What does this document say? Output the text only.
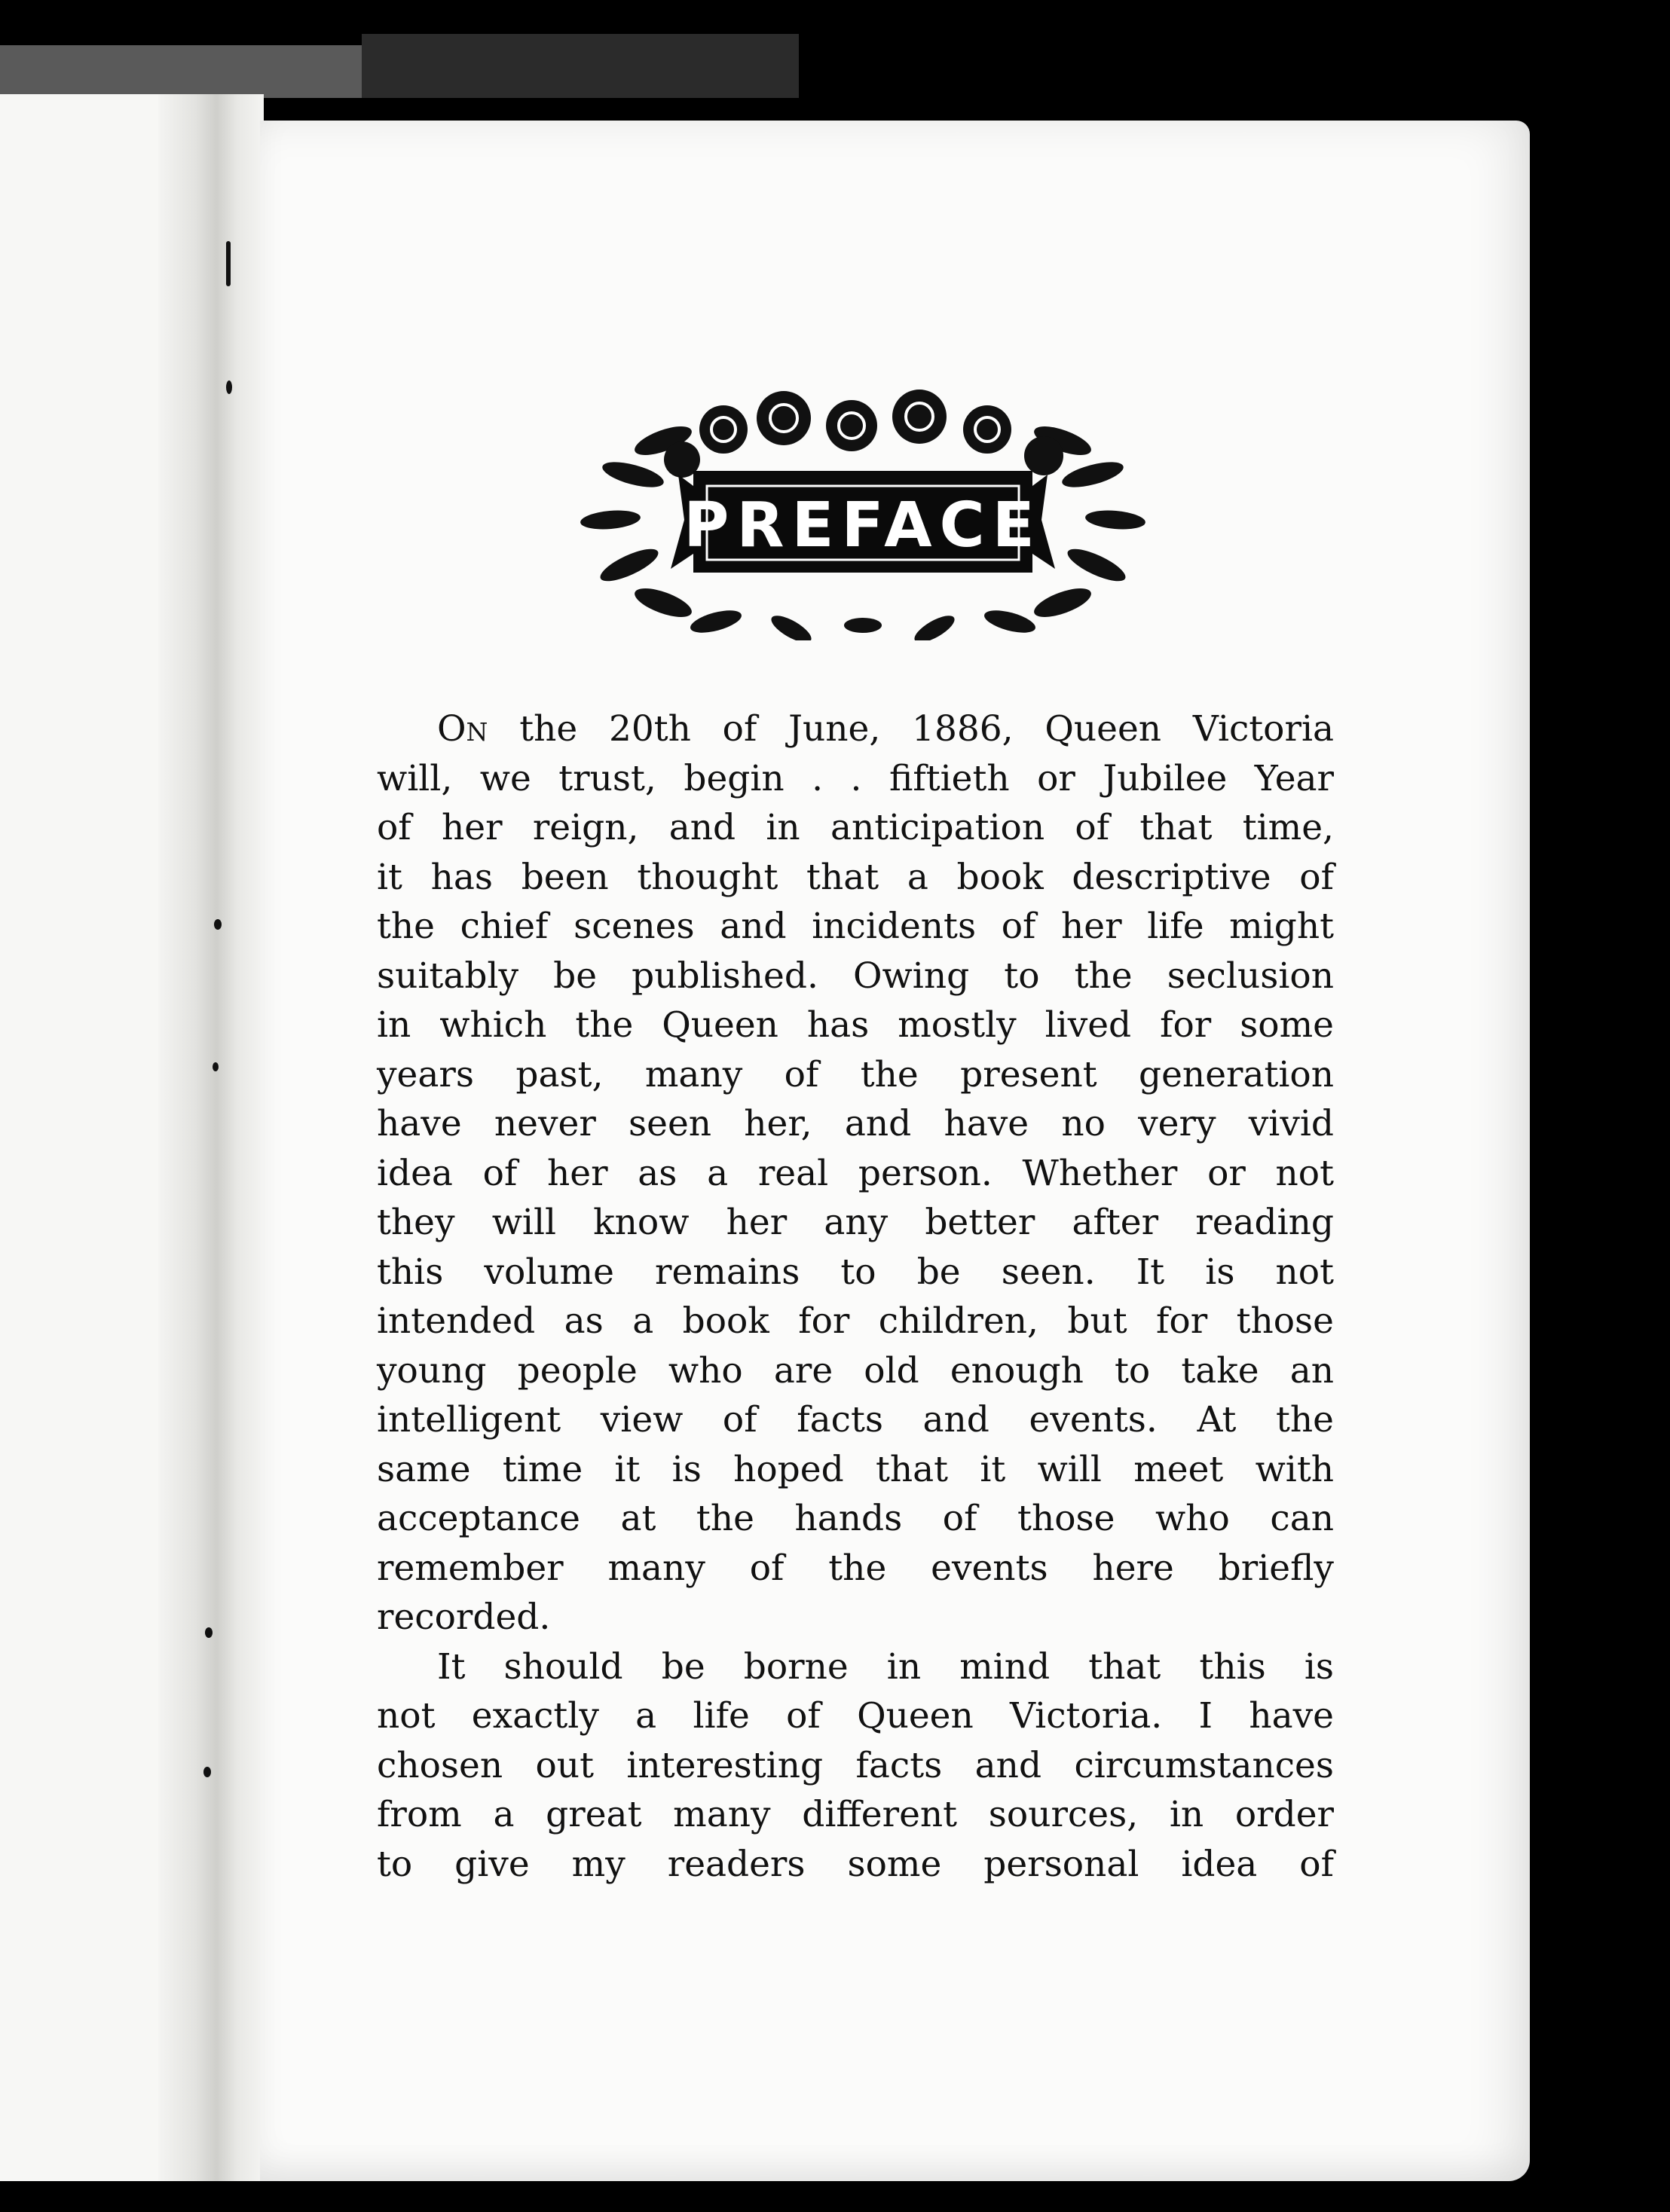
PREFACE
On the 20th of June, 1886, Queen Victoria
will, we trust, begin . . fiftieth or Jubilee Year
of her reign, and in anticipation of that time,
it has been thought that a book descriptive of
the chief scenes and incidents of her life might
suitably be published. Owing to the seclusion
in which the Queen has mostly lived for some
years past, many of the present generation
have never seen her, and have no very vivid
idea of her as a real person. Whether or not
they will know her any better after reading
this volume remains to be seen. It is not
intended as a book for children, but for those
young people who are old enough to take an
intelligent view of facts and events. At the
same time it is hoped that it will meet with
acceptance at the hands of those who can
remember many of the events here briefly
recorded.
It should be borne in mind that this is
not exactly a life of Queen Victoria. I have
chosen out interesting facts and circumstances
from a great many different sources, in order
to give my readers some personal idea of
